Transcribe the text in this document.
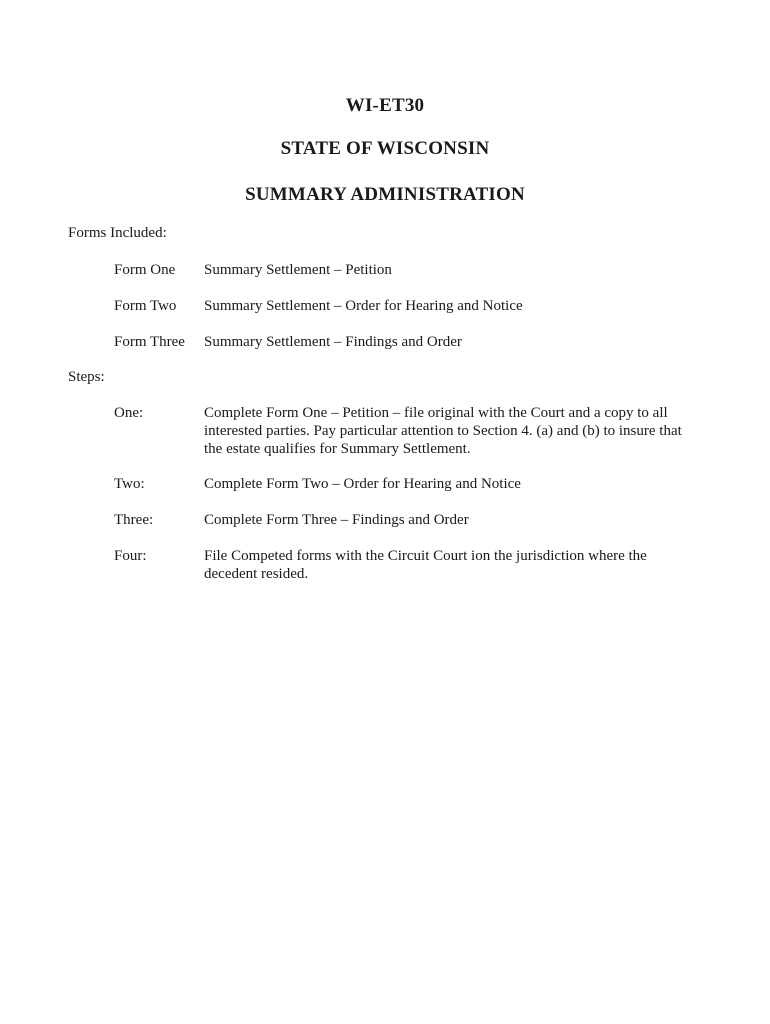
WI-ET30
STATE OF WISCONSIN
SUMMARY ADMINISTRATION

Forms Included:

Form One	Summary Settlement – Petition
Form Two	Summary Settlement – Order for Hearing and Notice
Form Three	Summary Settlement – Findings and Order

Steps:

One:	Complete Form One – Petition – file original with the Court and a copy to all
interested parties. Pay particular attention to Section 4. (a) and (b) to insure that
the estate qualifies for Summary Settlement.
Two:	Complete Form Two – Order for Hearing and Notice
Three:	Complete Form Three – Findings and Order
Four:	File Competed forms with the Circuit Court ion the jurisdiction where the
decedent resided.
